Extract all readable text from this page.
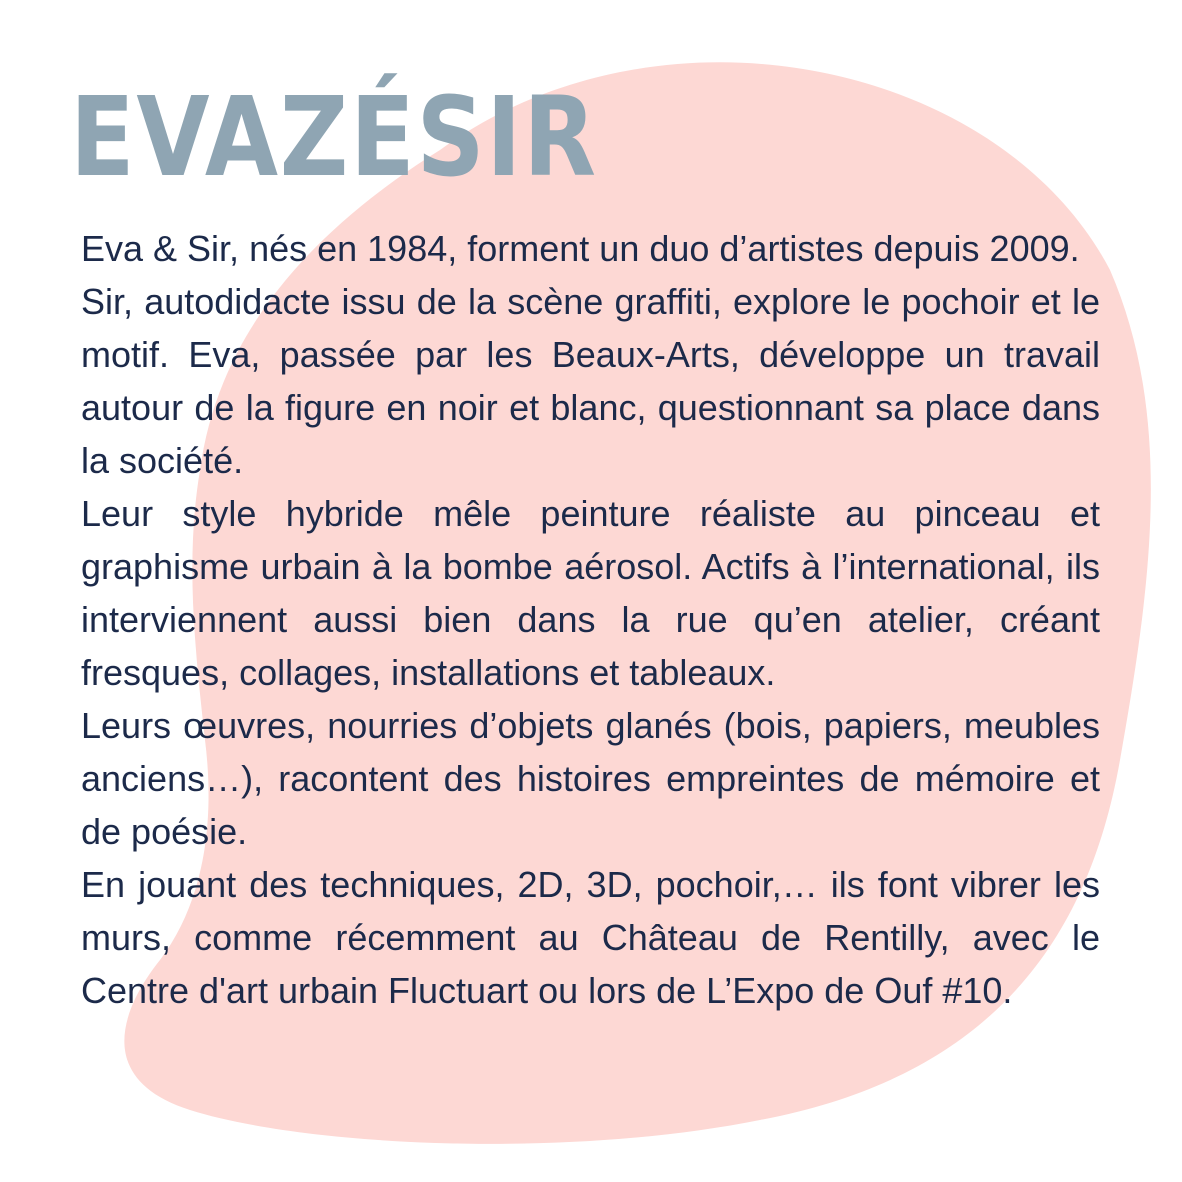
EVAZÉSIR

Eva & Sir, nés en 1984, forment un duo d’artistes depuis 2009.

Sir, autodidacte issu de la scène graffiti, explore le pochoir et le motif. Eva, passée par les Beaux-Arts, développe un travail autour de la figure en noir et blanc, questionnant sa place dans la société.

Leur style hybride mêle peinture réaliste au pinceau et graphisme urbain à la bombe aérosol. Actifs à l’international, ils interviennent aussi bien dans la rue qu’en atelier, créant fresques, collages, installations et tableaux.

Leurs œuvres, nourries d’objets glanés (bois, papiers, meubles anciens…), racontent des histoires empreintes de mémoire et de poésie.

En jouant des techniques, 2D, 3D, pochoir,… ils font vibrer les murs, comme récemment au Château de Rentilly, avec le Centre d'art urbain Fluctuart ou lors de L’Expo de Ouf #10.
